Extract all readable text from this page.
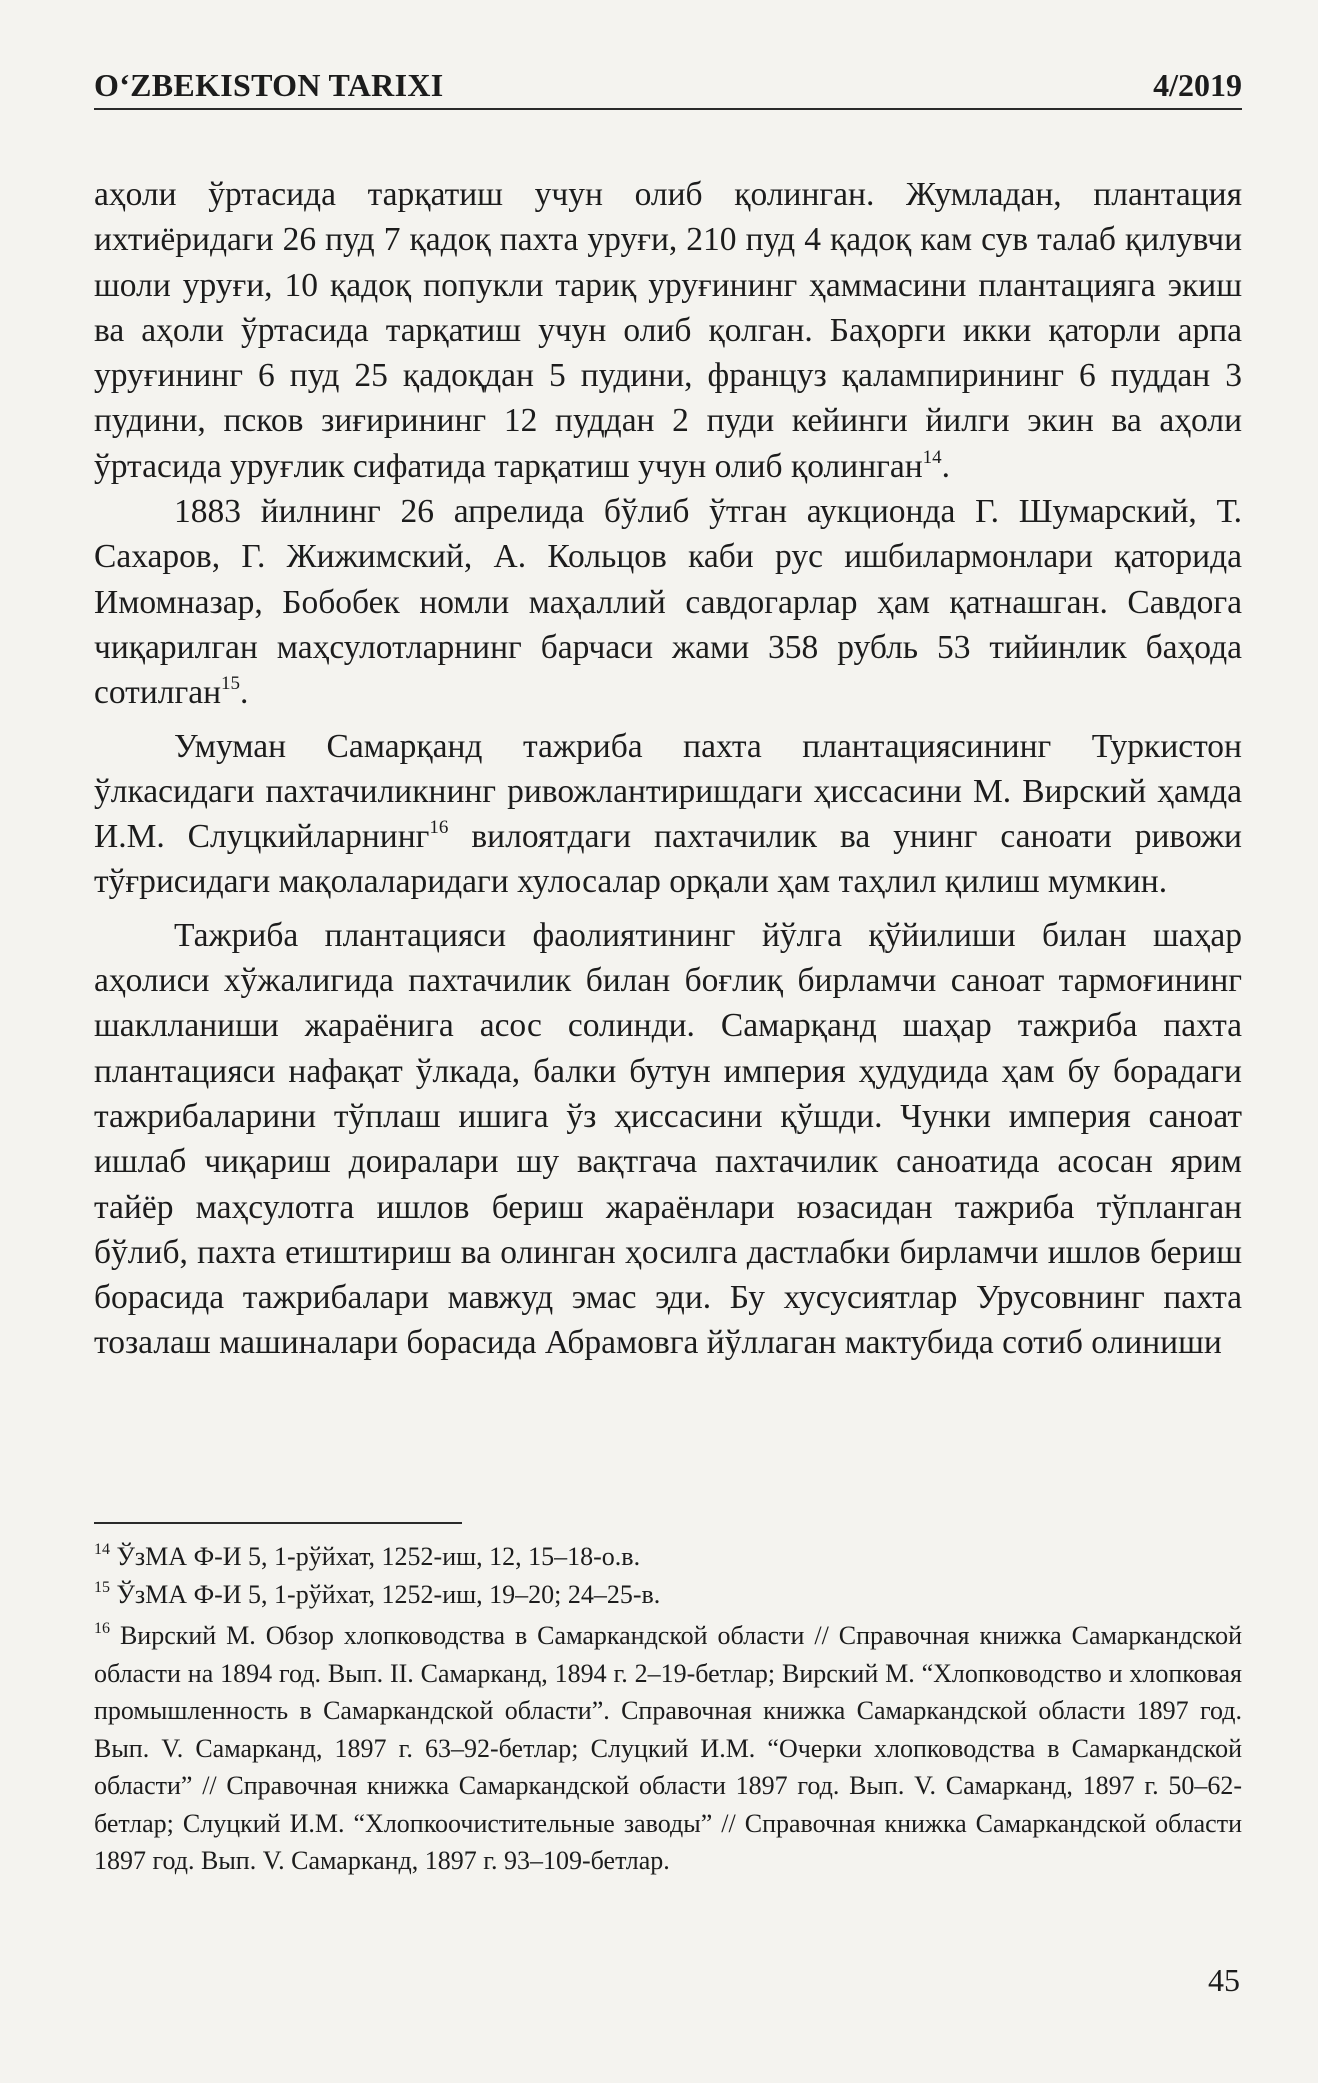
O‘ZBEKISTON TARIXI	4/2019

аҳоли ўртасида тарқатиш учун олиб қолинган. Жумладан, плантация ихтиёридаги 26 пуд 7 қадоқ пахта уруғи, 210 пуд 4 қадоқ кам сув талаб қилувчи шоли уруғи, 10 қадоқ попукли тариқ уруғининг ҳаммасини плантацияга экиш ва аҳоли ўртасида тарқатиш учун олиб қолган. Баҳорги икки қаторли арпа уруғининг 6 пуд 25 қадоқдан 5 пудини, француз қалампирининг 6 пуддан 3 пудини, псков зиғирининг 12 пуддан 2 пуди кейинги йилги экин ва аҳоли ўртасида уруғлик сифатида тарқатиш учун олиб қолинган$^{14}$.

1883 йилнинг 26 апрелида бўлиб ўтган аукционда Г. Шумарский, Т. Сахаров, Г. Жижимский, А. Кольцов каби рус ишбилармонлари қаторида Имомназар, Бобобек номли маҳаллий савдогарлар ҳам қатнашган. Савдога чиқарилган маҳсулотларнинг барчаси жами 358 рубль 53 тийинлик баҳода сотилган$^{15}$.

Умуман Самарқанд тажриба пахта плантациясининг Туркистон ўлкасидаги пахтачиликнинг ривожлантиришдаги ҳиссасини М. Вирский ҳамда И.М. Слуцкийларнинг$^{16}$ вилоятдаги пахтачилик ва унинг саноати ривожи тўғрисидаги мақолаларидаги хулосалар орқали ҳам таҳлил қилиш мумкин.

Тажриба плантацияси фаолиятининг йўлга қўйилиши билан шаҳар аҳолиси хўжалигида пахтачилик билан боғлиқ бирламчи саноат тармоғининг шаклланиши жараёнига асос солинди. Самарқанд шаҳар тажриба пахта плантацияси нафақат ўлкада, балки бутун империя ҳудудида ҳам бу борадаги тажрибаларини тўплаш ишига ўз ҳиссасини қўшди. Чунки империя саноат ишлаб чиқариш доиралари шу вақтгача пахтачилик саноатида асосан ярим тайёр маҳсулотга ишлов бериш жараёнлари юзасидан тажриба тўпланган бўлиб, пахта етиштириш ва олинган ҳосилга дастлабки бирламчи ишлов бериш борасида тажрибалари мавжуд эмас эди. Бу хусусиятлар Урусовнинг пахта тозалаш машиналари борасида Абрамовга йўллаган мактубида сотиб олиниши

$^{14}$ ЎзМА Ф-И 5, 1-рўйхат, 1252-иш, 12, 15–18-о.в.

$^{15}$ ЎзМА Ф-И 5, 1-рўйхат, 1252-иш, 19–20; 24–25-в.

$^{16}$ Вирский М. Обзор хлопководства в Самаркандской области // Справочная книжка Самаркандской области на 1894 год. Вып. II. Самарканд, 1894 г. 2–19-бетлар; Вирский М. “Хлопководство и хлопковая промышленность в Самаркандской области”. Справочная книжка Самаркандской области 1897 год. Вып. V. Самарканд, 1897 г. 63–92-бетлар; Слуцкий И.М. “Очерки хлопководства в Самаркандской области” // Справочная книжка Самаркандской области 1897 год. Вып. V. Самарканд, 1897 г. 50–62-бетлар; Слуцкий И.М. “Хлопкоочистительные заводы” // Справочная книжка Самаркандской области 1897 год. Вып. V. Самарканд, 1897 г. 93–109-бетлар.

45
